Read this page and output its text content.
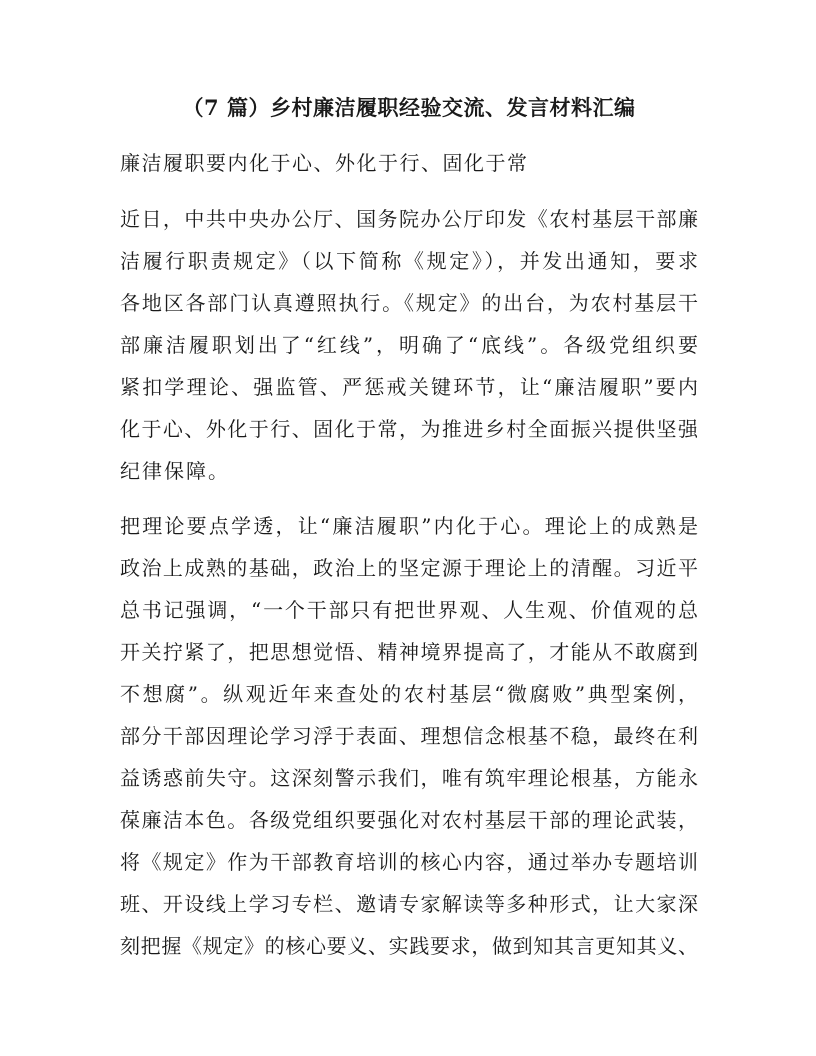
（7 篇）乡村廉洁履职经验交流、发言材料汇编
廉洁履职要内化于心、外化于行、固化于常
近日，中共中央办公厅、国务院办公厅印发《农村基层干部廉
洁履行职责规定》（以下简称《规定》），并发出通知，要求
各地区各部门认真遵照执行。《规定》的出台，为农村基层干
部廉洁履职划出了“红线”，明确了“底线”。各级党组织要
紧扣学理论、强监管、严惩戒关键环节，让“廉洁履职”要内
化于心、外化于行、固化于常，为推进乡村全面振兴提供坚强
纪律保障。
把理论要点学透，让“廉洁履职”内化于心。理论上的成熟是
政治上成熟的基础，政治上的坚定源于理论上的清醒。习近平
总书记强调，“一个干部只有把世界观、人生观、价值观的总
开关拧紧了，把思想觉悟、精神境界提高了，才能从不敢腐到
不想腐”。纵观近年来查处的农村基层“微腐败”典型案例，
部分干部因理论学习浮于表面、理想信念根基不稳，最终在利
益诱惑前失守。这深刻警示我们，唯有筑牢理论根基，方能永
葆廉洁本色。各级党组织要强化对农村基层干部的理论武装，
将《规定》作为干部教育培训的核心内容，通过举办专题培训
班、开设线上学习专栏、邀请专家解读等多种形式，让大家深
刻把握《规定》的核心要义、实践要求，做到知其言更知其义、
